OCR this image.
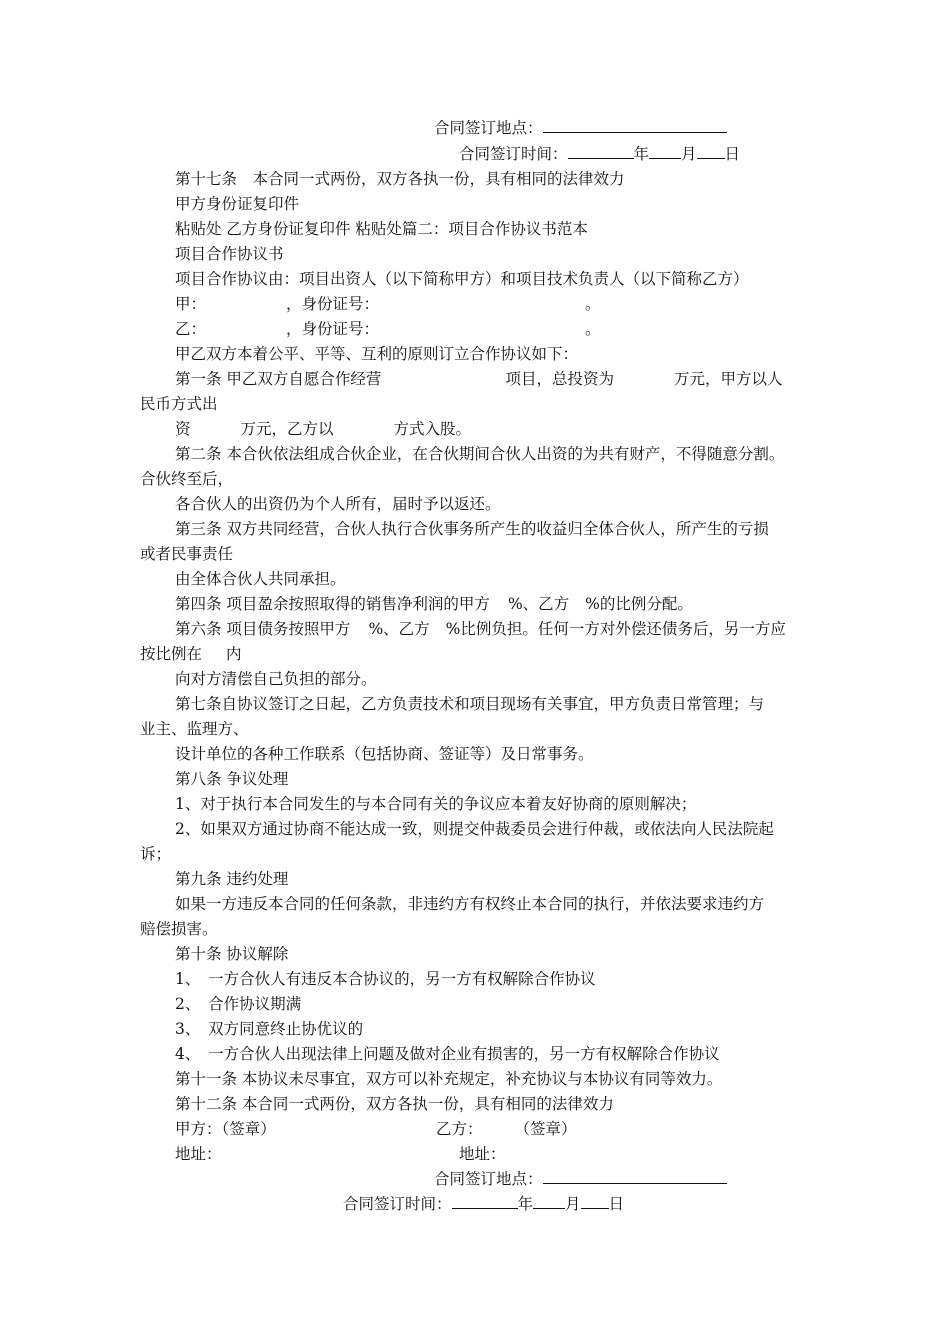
合同签订地点：
合同签订时间：	年 月 日
第十七条　本合同一式两份，双方各执一份，具有相同的法律效力
甲方身份证复印件
粘贴处 乙方身份证复印件 粘贴处篇二：项目合作协议书范本
项目合作协议书
项目合作协议由：项目出资人（以下简称甲方）和项目技术负责人（以下简称乙方）
甲：	，身份证号：	。
乙：	，身份证号：	。
甲乙双方本着公平、平等、互利的原则订立合作协议如下：
第一条 甲乙双方自愿合作经营	项目，总投资为	万元，甲方以人
民币方式出
资	万元，乙方以	方式入股。
第二条 本合伙依法组成合伙企业，在合伙期间合伙人出资的为共有财产，不得随意分割。
合伙终至后，
各合伙人的出资仍为个人所有，届时予以返还。
第三条 双方共同经营，合伙人执行合伙事务所产生的收益归全体合伙人，所产生的亏损
或者民事责任
由全体合伙人共同承担。
第四条 项目盈余按照取得的销售净利润的甲方 %、乙方 %的比例分配。
第六条 项目债务按照甲方 %、乙方 %比例负担。任何一方对外偿还债务后，另一方应
按比例在 内
向对方清偿自己负担的部分。
第七条自协议签订之日起，乙方负责技术和项目现场有关事宜，甲方负责日常管理；与
业主、监理方、
设计单位的各种工作联系（包括协商、签证等）及日常事务。
第八条 争议处理
1、对于执行本合同发生的与本合同有关的争议应本着友好协商的原则解决；
2、如果双方通过协商不能达成一致，则提交仲裁委员会进行仲裁，或依法向人民法院起
诉；
第九条 违约处理
如果一方违反本合同的任何条款，非违约方有权终止本合同的执行，并依法要求违约方
赔偿损害。
第十条 协议解除
1、　一方合伙人有违反本合协议的，另一方有权解除合作协议
2、　合作协议期满
3、　双方同意终止协优议的
4、　一方合伙人出现法律上问题及做对企业有损害的，另一方有权解除合作协议
第十一条 本协议未尽事宜，双方可以补充规定，补充协议与本协议有同等效力。
第十二条 本合同一式两份，双方各执一份，具有相同的法律效力
甲方：（签章）	乙方： （签章）
地址：	地址：
合同签订地点：
合同签订时间：	年 月 日
